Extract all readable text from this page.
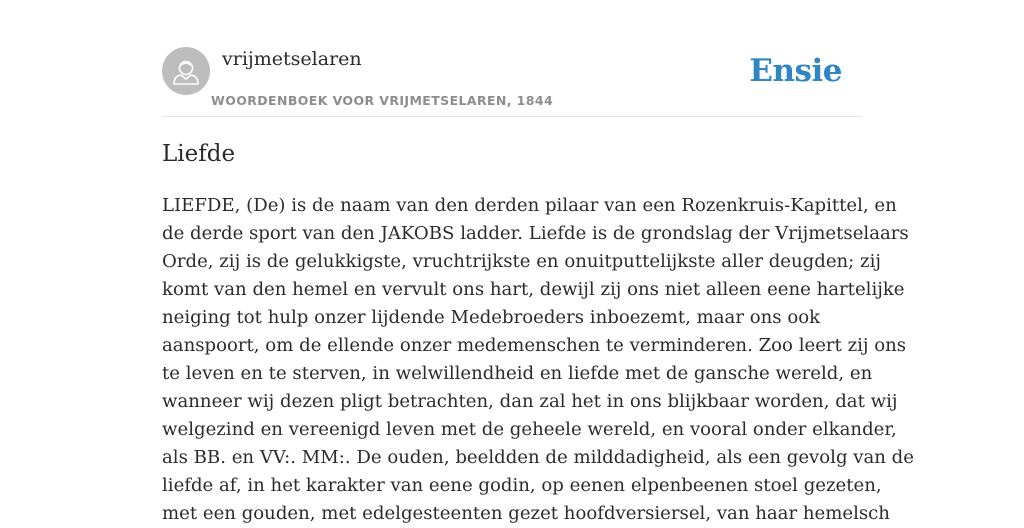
vrijmetselaren
WOORDENBOEK VOOR VRIJMETSELAREN, 1844
Ensie
Liefde
LIEFDE, (De) is de naam van den derden pilaar van een Rozenkruis-Kapittel, en
de derde sport van den JAKOBS ladder. Liefde is de grondslag der Vrijmetselaars
Orde, zij is de gelukkigste, vruchtrijkste en onuitputtelijkste aller deugden; zij
komt van den hemel en vervult ons hart, dewijl zij ons niet alleen eene hartelijke
neiging tot hulp onzer lijdende Medebroeders inboezemt, maar ons ook
aanspoort, om de ellende onzer medemenschen te verminderen. Zoo leert zij ons
te leven en te sterven, in welwillendheid en liefde met de gansche wereld, en
wanneer wij dezen pligt betrachten, dan zal het in ons blijkbaar worden, dat wij
welgezind en vereenigd leven met de geheele wereld, en vooral onder elkander,
als BB. en VV:. MM:. De ouden, beeldden de milddadigheid, als een gevolg van de
liefde af, in het karakter van eene godin, op eenen elpenbeenen stoel gezeten,
met een gouden, met edelgesteenten gezet hoofdversiersel, van haar hemelsch
